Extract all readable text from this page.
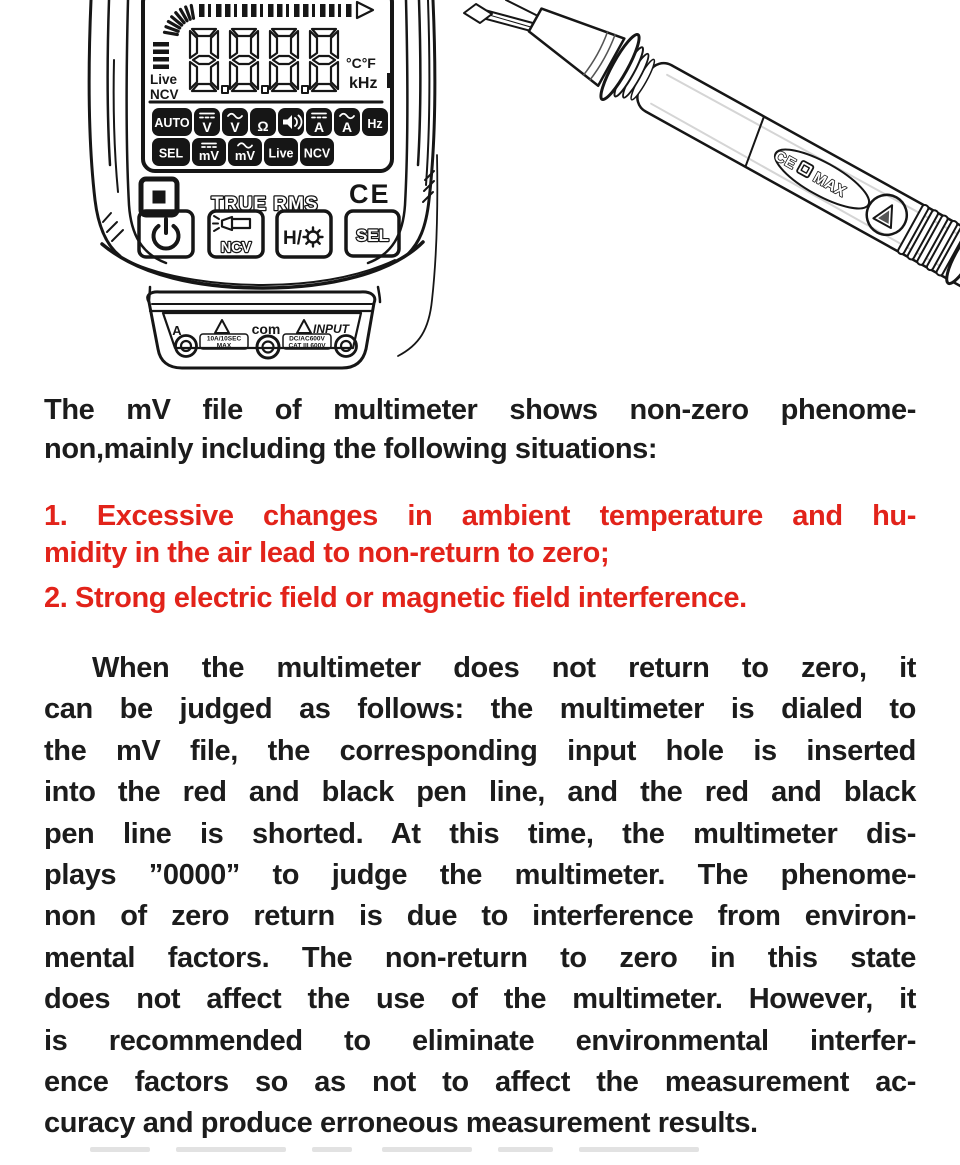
Live
NCV
°C°F
kHz
AUTO V V Ω	A A Hz
SEL mV mV Live NCV
TRUE RMS CE
NCV H/	SEL
A
10A/10SEC
MAX
com	INPUT
DC/AC600V
CAT III 600V
CE
MAX
The mV file of multimeter shows non-zero phenome-
non,mainly including the following situations:
1. Excessive changes in ambient temperature and hu-
midity in the air lead to non-return to zero;
2. Strong electric field or magnetic field interference.
When the multimeter does not return to zero, it
can be judged as follows: the multimeter is dialed to
the mV file, the corresponding input hole is inserted
into the red and black pen line, and the red and black
pen line is shorted. At this time, the multimeter dis-
plays ”0000” to judge the multimeter. The phenome-
non of zero return is due to interference from environ-
mental factors. The non-return to zero in this state
does not affect the use of the multimeter. However, it
is recommended to eliminate environmental interfer-
ence factors so as not to affect the measurement ac-
curacy and produce erroneous measurement results.
